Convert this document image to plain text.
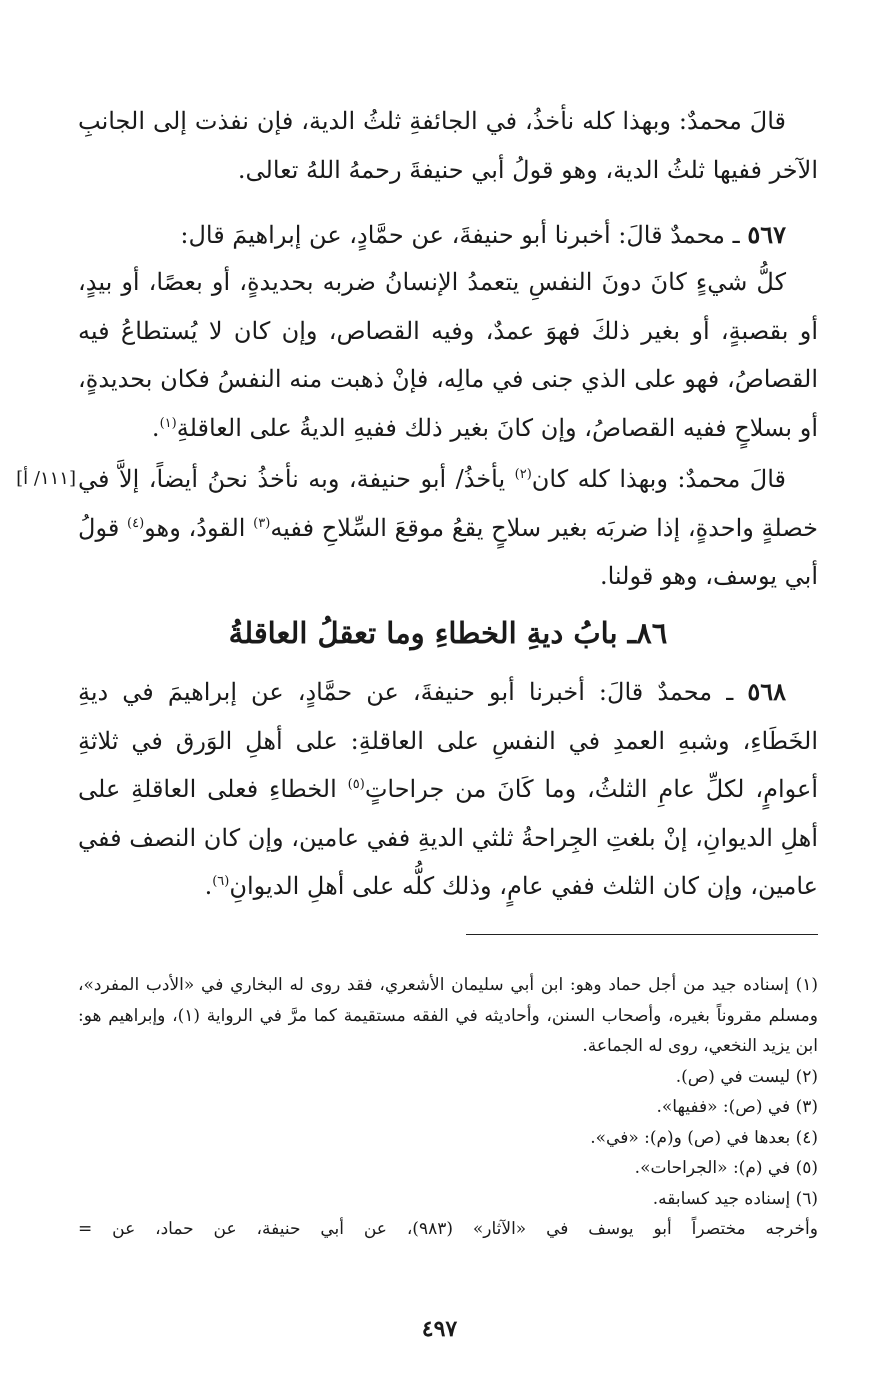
قالَ محمدٌ: وبهذا كله نأخذُ، في الجائفةِ ثلثُ الدية، فإن نفذت إلى الجانبِ الآخر ففيها ثلثُ الدية، وهو قولُ أبي حنيفةَ رحمهُ اللهُ تعالى.
٥٦٧ ـ محمدٌ قالَ: أخبرنا أبو حنيفةَ، عن حمَّادٍ، عن إبراهيمَ قال:
كلُّ شيءٍ كانَ دونَ النفسِ يتعمدُ الإنسانُ ضربه بحديدةٍ، أو بعصًا، أو بيدٍ، أو بقصبةٍ، أو بغير ذلكَ فهوَ عمدٌ، وفيه القصاص، وإن كان لا يُستطاعُ فيه القصاصُ، فهو على الذي جنى في مالِه، فإنْ ذهبت منه النفسُ فكان بحديدةٍ، أو بسلاحٍ ففيه القصاصُ، وإن كانَ بغير ذلك ففيهِ الديةُ على العاقلةِ$^{(١)}$.
[١١١/ أ]	قالَ محمدٌ: وبهذا كله كان$^{(٢)}$ يأخذُ/ أبو حنيفة، وبه نأخذُ نحنُ أيضاً، إلاَّ في خصلةٍ واحدةٍ، إذا ضربَه بغير سلاحٍ يقعُ موقعَ السِّلاحِ ففيه$^{(٣)}$ القودُ، وهو$^{(٤)}$ قولُ أبي يوسف، وهو قولنا.
٨٦ـ بابُ ديةِ الخطاءِ وما تعقلُ العاقلةُ
٥٦٨ ـ محمدٌ قالَ: أخبرنا أبو حنيفةَ، عن حمَّادٍ، عن إبراهيمَ في ديةِ الخَطَاءِ، وشبهِ العمدِ في النفسِ على العاقلةِ: على أهلِ الوَرق في ثلاثةِ أعوامٍ، لكلِّ عامِ الثلثُ، وما كَانَ من جراحاتٍ$^{(٥)}$ الخطاءِ فعلى العاقلةِ على أهلِ الديوانِ، إنْ بلغتِ الجِراحةُ ثلثي الديةِ ففي عامين، وإن كان النصف ففي عامين، وإن كان الثلث ففي عامٍ، وذلك كلُّه على أهلِ الديوانِ$^{(٦)}$.
(١) إسناده جيد من أجل حماد وهو: ابن أبي سليمان الأشعري، فقد روى له البخاري في «الأدب المفرد»، ومسلم مقروناً بغيره، وأصحاب السنن، وأحاديثه في الفقه مستقيمة كما مرَّ في الرواية (١)، وإبراهيم هو: ابن يزيد النخعي، روى له الجماعة.
(٢) ليست في (ص).
(٣) في (ص): «ففيها».
(٤) بعدها في (ص) و(م): «في».
(٥) في (م): «الجراحات».
(٦) إسناده جيد كسابقه.
وأخرجه مختصراً أبو يوسف في «الآثار» (٩٨٣)، عن أبي حنيفة، عن حماد، عن =
٤٩٧
